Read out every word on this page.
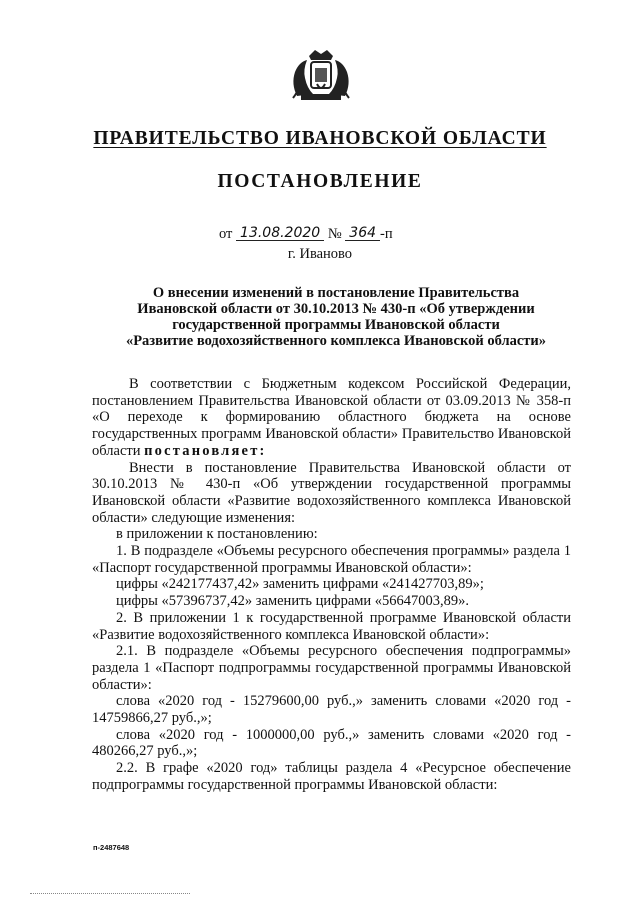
ПРАВИТЕЛЬСТВО ИВАНОВСКОЙ ОБЛАСТИ
ПОСТАНОВЛЕНИЕ
от 13.08.2020 № 364 -п
г. Иваново
О внесении изменений в постановление Правительства
Ивановской области от 30.10.2013 № 430-п «Об утверждении
государственной программы Ивановской области
«Развитие водохозяйственного комплекса Ивановской области»

В соответствии с Бюджетным кодексом Российской Федерации, постановлением Правительства Ивановской области от 03.09.2013 № 358-п «О переходе к формированию областного бюджета на основе государственных программ Ивановской области» Правительство Ивановской области постановляет:

Внести в постановление Правительства Ивановской области от 30.10.2013 № 430-п «Об утверждении государственной программы Ивановской области «Развитие водохозяйственного комплекса Ивановской области» следующие изменения:

в приложении к постановлению:

1. В подразделе «Объемы ресурсного обеспечения программы» раздела 1 «Паспорт государственной программы Ивановской области»:

цифры «242177437,42» заменить цифрами «241427703,89»;

цифры «57396737,42» заменить цифрами «56647003,89».

2. В приложении 1 к государственной программе Ивановской области «Развитие водохозяйственного комплекса Ивановской области»:

2.1. В подразделе «Объемы ресурсного обеспечения подпрограммы» раздела 1 «Паспорт подпрограммы государственной программы Ивановской области»:

слова «2020 год - 15279600,00 руб.,» заменить словами «2020 год - 14759866,27 руб.,»;

слова «2020 год - 1000000,00 руб.,» заменить словами «2020 год - 480266,27 руб.,»;

2.2. В графе «2020 год» таблицы раздела 4 «Ресурсное обеспечение подпрограммы государственной программы Ивановской области:

п-2487648
